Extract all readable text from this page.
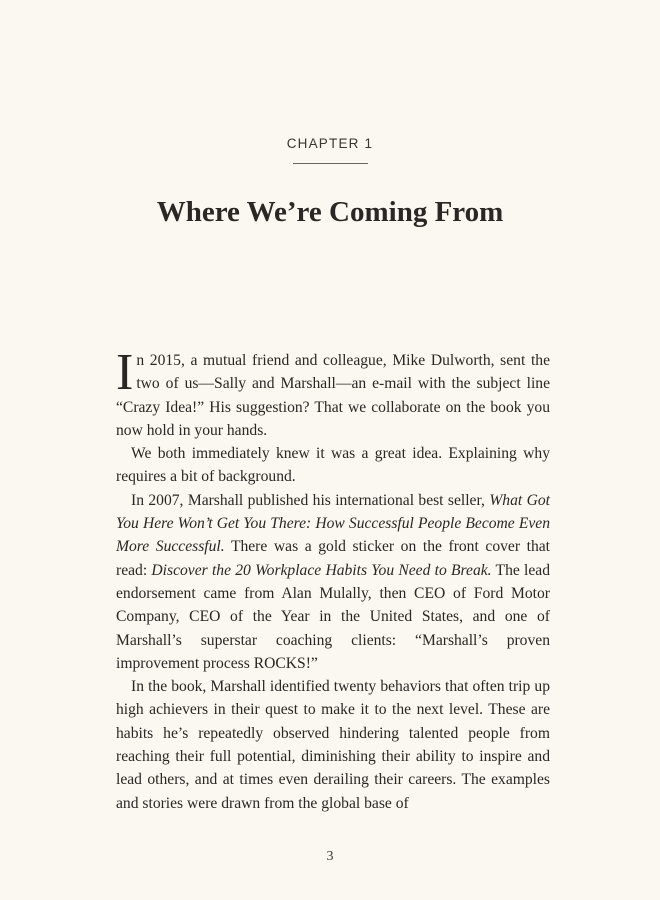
CHAPTER 1
Where We’re Coming From

In 2015, a mutual friend and colleague, Mike Dulworth, sent the two of us—Sally and Marshall—an e-mail with the subject line “Crazy Idea!” His suggestion? That we collaborate on the book you now hold in your hands.

We both immediately knew it was a great idea. Explaining why requires a bit of background.

In 2007, Marshall published his international best seller, What Got You Here Won’t Get You There: How Successful People Become Even More Successful. There was a gold sticker on the front cover that read: Discover the 20 Workplace Habits You Need to Break. The lead endorsement came from Alan Mulally, then CEO of Ford Motor Company, CEO of the Year in the United States, and one of Marshall’s superstar coaching clients: “Marshall’s proven improvement process ROCKS!”

In the book, Marshall identified twenty behaviors that often trip up high achievers in their quest to make it to the next level. These are habits he’s repeatedly observed hindering talented people from reaching their full potential, diminishing their ability to inspire and lead others, and at times even derailing their careers. The examples and stories were drawn from the global base of

3
